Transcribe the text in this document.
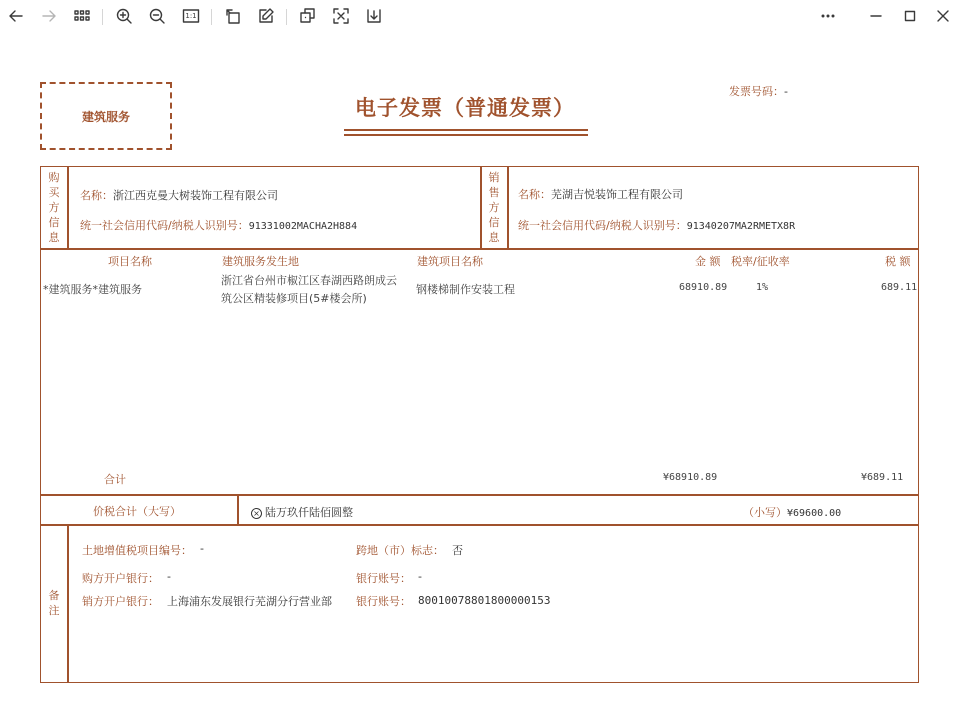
1:1
建筑服务	电子发票（普通发票）
发票号码：-
购
买
方
信
息
名称：浙江西克曼大树装饰工程有限公司
统一社会信用代码/纳税人识别号：91331002MACHA2H884
销
售
方
信
息
名称：芜湖吉悦装饰工程有限公司
统一社会信用代码/纳税人识别号：91340207MA2RMETX8R
项目名称	建筑服务发生地	建筑项目名称	金 额 税率/征收率	税 额
*建筑服务*建筑服务
浙江省台州市椒江区春湖西路朗成云
筑公区精装修项目(5#楼会所)
钢楼梯制作安装工程	68910.89	1%	689.11
合计	¥68910.89	¥689.11
价税合计（大写）	× 陆万玖仟陆佰圆整	（小写）¥69600.00
备
注
土地增值税项目编号： -	跨地（市）标志： 否
购方开户银行： -	银行账号： -
销方开户银行： 上海浦东发展银行芜湖分行营业部 银行账号： 80010078801800000153
